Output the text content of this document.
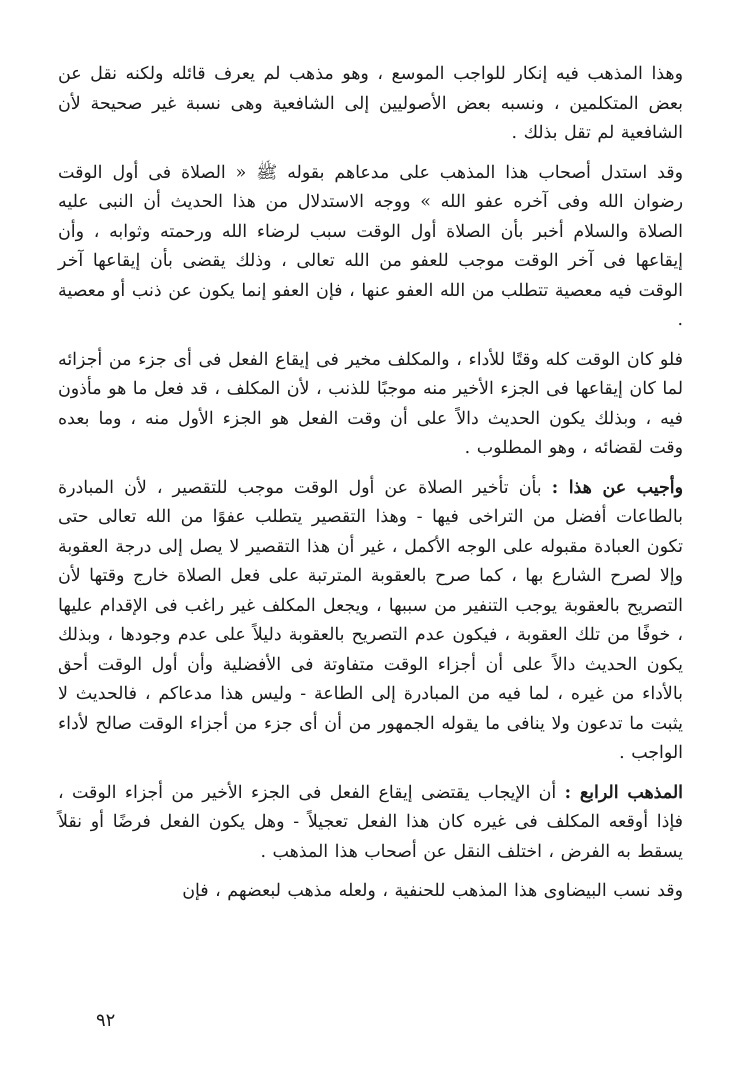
وهذا المذهب فيه إنكار للواجب الموسع ، وهو مذهب لم يعرف قائله ولكنه نقل عن بعض المتكلمين ، ونسبه بعض الأصوليين إلى الشافعية وهى نسبة غير صحيحة لأن الشافعية لم تقل بذلك .

وقد استدل أصحاب هذا المذهب على مدعاهم بقوله ﷺ « الصلاة فى أول الوقت رضوان الله وفى آخره عفو الله » ووجه الاستدلال من هذا الحديث أن النبى عليه الصلاة والسلام أخبر بأن الصلاة أول الوقت سبب لرضاء الله ورحمته وثوابه ، وأن إيقاعها فى آخر الوقت موجب للعفو من الله تعالى ، وذلك يقضى بأن إيقاعها آخر الوقت فيه معصية تتطلب من الله العفو عنها ، فإن العفو إنما يكون عن ذنب أو معصية .

فلو كان الوقت كله وقتًا للأداء ، والمكلف مخير فى إيقاع الفعل فى أى جزء من أجزائه لما كان إيقاعها فى الجزء الأخير منه موجبًا للذنب ، لأن المكلف ، قد فعل ما هو مأذون فيه ، وبذلك يكون الحديث دالاً على أن وقت الفعل هو الجزء الأول منه ، وما بعده وقت لقضائه ، وهو المطلوب .

وأجيب عن هذا : بأن تأخير الصلاة عن أول الوقت موجب للتقصير ، لأن المبادرة بالطاعات أفضل من التراخى فيها - وهذا التقصير يتطلب عفوًا من الله تعالى حتى تكون العبادة مقبوله على الوجه الأكمل ، غير أن هذا التقصير لا يصل إلى درجة العقوبة وإلا لصرح الشارع بها ، كما صرح بالعقوبة المترتبة على فعل الصلاة خارج وقتها لأن التصريح بالعقوبة يوجب التنفير من سببها ، ويجعل المكلف غير راغب فى الإقدام عليها ، خوفًا من تلك العقوبة ، فيكون عدم التصريح بالعقوبة دليلاً على عدم وجودها ، وبذلك يكون الحديث دالاً على أن أجزاء الوقت متفاوتة فى الأفضلية وأن أول الوقت أحق بالأداء من غيره ، لما فيه من المبادرة إلى الطاعة - وليس هذا مدعاكم ، فالحديث لا يثبت ما تدعون ولا ينافى ما يقوله الجمهور من أن أى جزء من أجزاء الوقت صالح لأداء الواجب .

المذهب الرابع : أن الإيجاب يقتضى إيقاع الفعل فى الجزء الأخير من أجزاء الوقت ، فإذا أوقعه المكلف فى غيره كان هذا الفعل تعجيلاً - وهل يكون الفعل فرضًا أو نقلاً يسقط به الفرض ، اختلف النقل عن أصحاب هذا المذهب .

وقد نسب البيضاوى هذا المذهب للحنفية ، ولعله مذهب لبعضهم ، فإن

٩٢
